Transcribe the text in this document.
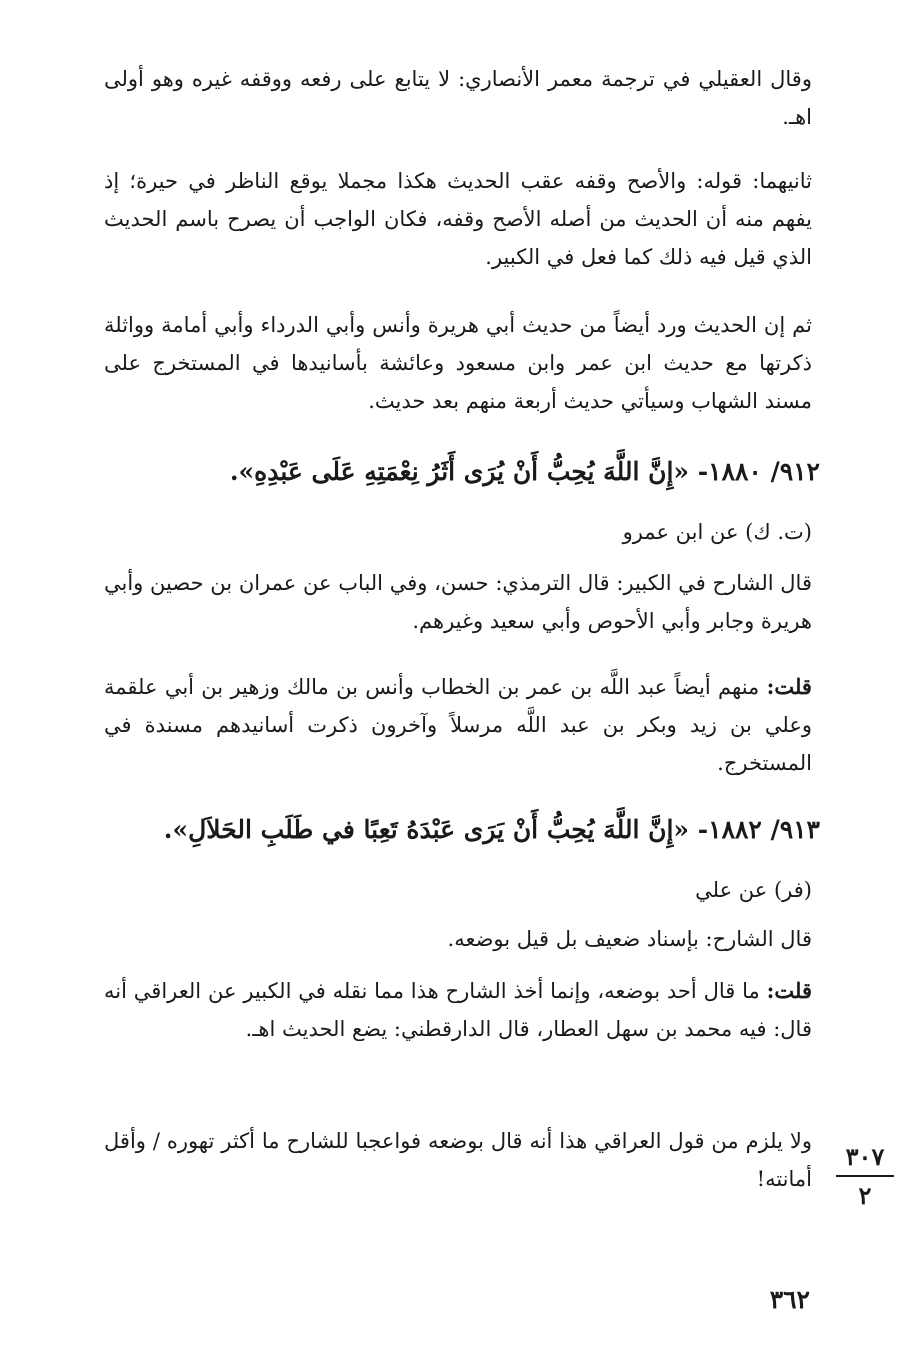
وقال العقيلي في ترجمة معمر الأنصاري: لا يتابع على رفعه ووقفه غيره وهو أولى اهـ.

ثانيهما: قوله: والأصح وقفه عقب الحديث هكذا مجملا يوقع الناظر في حيرة؛ إذ يفهم منه أن الحديث من أصله الأصح وقفه، فكان الواجب أن يصرح باسم الحديث الذي قيل فيه ذلك كما فعل في الكبير.

ثم إن الحديث ورد أيضاً من حديث أبي هريرة وأنس وأبي الدرداء وأبي أمامة وواثلة ذكرتها مع حديث ابن عمر وابن مسعود وعائشة بأسانيدها في المستخرج على مسند الشهاب وسيأتي حديث أربعة منهم بعد حديث.

٩١٢/ ١٨٨٠- «إِنَّ اللَّهَ يُحِبُّ أَنْ يُرَى أَثَرُ نِعْمَتِهِ عَلَى عَبْدِهِ».
(ت. ك) عن ابن عمرو

قال الشارح في الكبير: قال الترمذي: حسن، وفي الباب عن عمران بن حصين وأبي هريرة وجابر وأبي الأحوص وأبي سعيد وغيرهم.

قلت: منهم أيضاً عبد اللَّه بن عمر بن الخطاب وأنس بن مالك وزهير بن أبي علقمة وعلي بن زيد وبكر بن عبد اللَّه مرسلاً وآخرون ذكرت أسانيدهم مسندة في المستخرج.

٩١٣/ ١٨٨٢- «إِنَّ اللَّهَ يُحِبُّ أَنْ يَرَى عَبْدَهُ تَعِبًا في طَلَبِ الحَلاَلِ».
(فر) عن علي

قال الشارح: بإسناد ضعيف بل قيل بوضعه.

قلت: ما قال أحد بوضعه، وإنما أخذ الشارح هذا مما نقله في الكبير عن العراقي أنه قال: فيه محمد بن سهل العطار، قال الدارقطني: يضع الحديث اهـ.

ولا يلزم من قول العراقي هذا أنه قال بوضعه فواعجبا للشارح ما أكثر تهوره / وأقل أمانته!

٣٠٧
٢
٣٦٢
